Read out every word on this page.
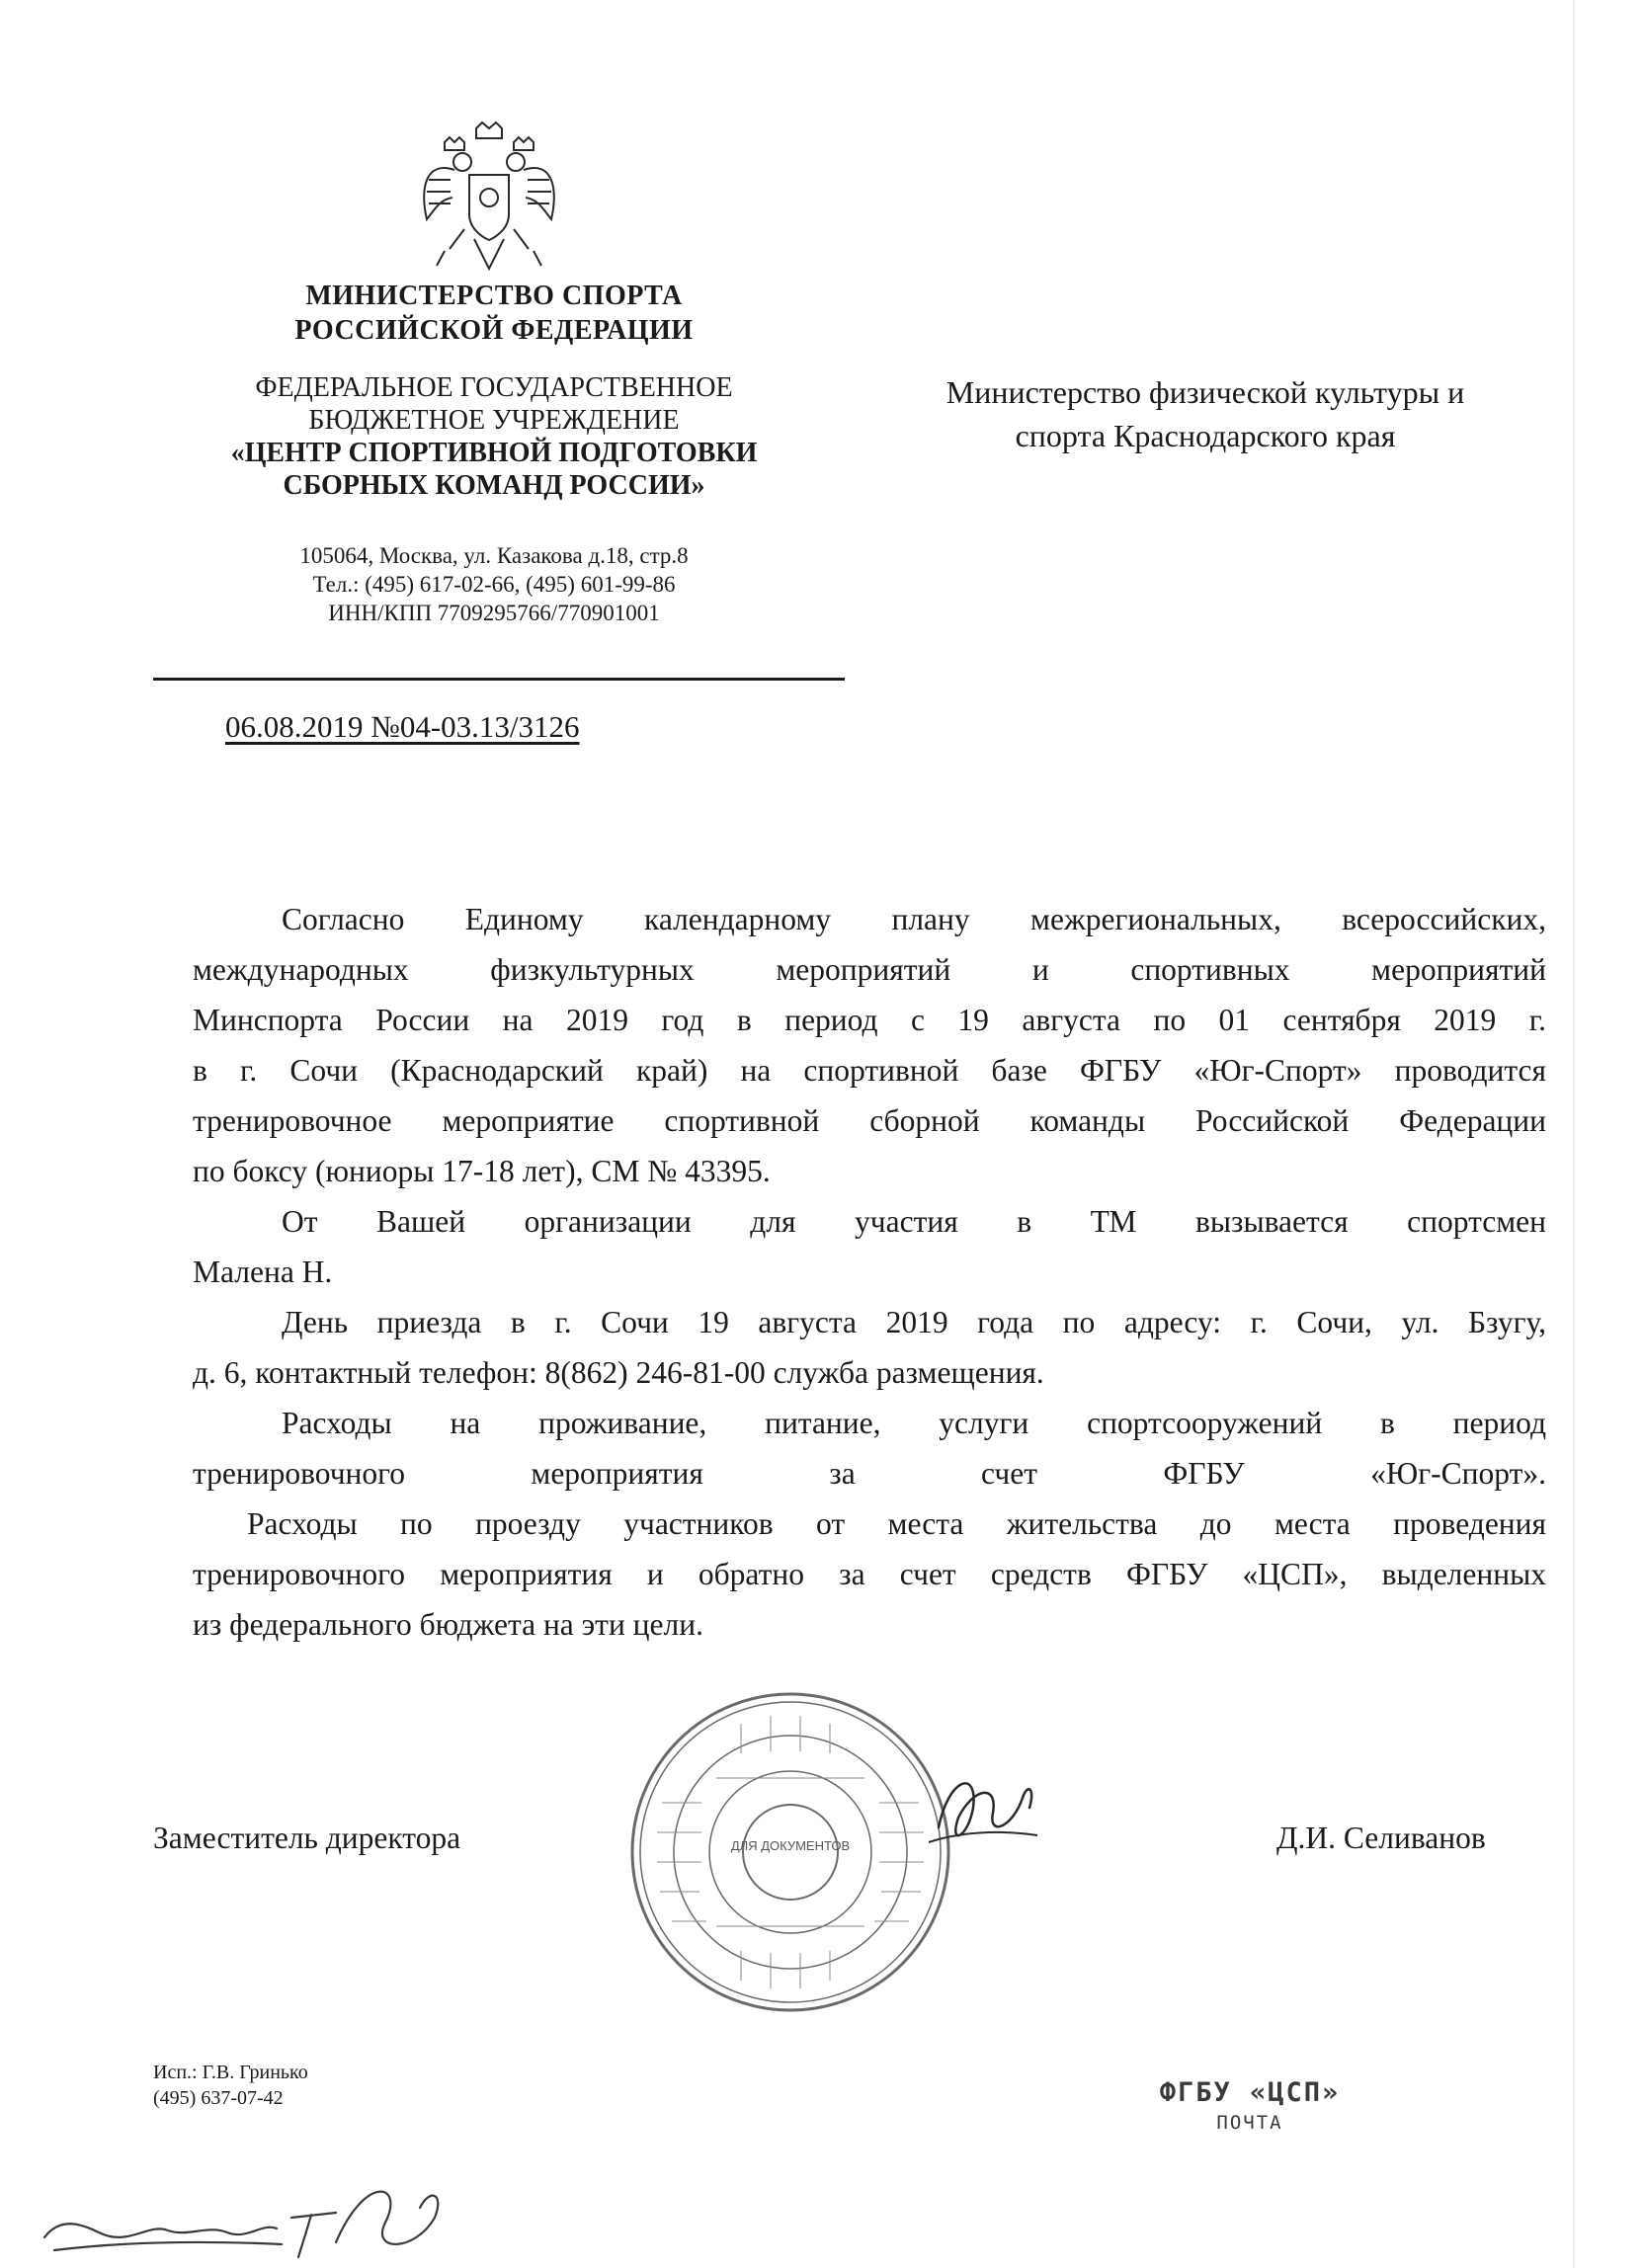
МИНИСТЕРСТВО СПОРТА
РОССИЙСКОЙ ФЕДЕРАЦИИ
ФЕДЕРАЛЬНОЕ ГОСУДАРСТВЕННОЕ
БЮДЖЕТНОЕ УЧРЕЖДЕНИЕ
«ЦЕНТР СПОРТИВНОЙ ПОДГОТОВКИ
СБОРНЫХ КОМАНД РОССИИ»
105064, Москва, ул. Казакова д.18, стр.8
Тел.: (495) 617-02-66, (495) 601-99-86
ИНН/КПП 7709295766/770901001
06.08.2019 №04-03.13/3126
Министерство физической культуры и
спорта Краснодарского края

Согласно Единому календарному плану межрегиональных, всероссийских,

международных физкультурных мероприятий и спортивных мероприятий

Минспорта России на 2019 год в период с 19 августа по 01 сентября 2019 г.

в г. Сочи (Краснодарский край) на спортивной базе ФГБУ «Юг-Спорт» проводится

тренировочное мероприятие спортивной сборной команды Российской Федерации

по боксу (юниоры 17-18 лет), СМ № 43395.

От Вашей организации для участия в ТМ вызывается спортсмен

Малена Н.

День приезда в г. Сочи 19 августа 2019 года по адресу: г. Сочи, ул. Бзугу,

д. 6, контактный телефон: 8(862) 246-81-00 служба размещения.

Расходы на проживание, питание, услуги спортсооружений в период

тренировочного мероприятия за счет ФГБУ «Юг-Спорт».

Расходы по проезду участников от места жительства до места проведения

тренировочного мероприятия и обратно за счет средств ФГБУ «ЦСП», выделенных

из федерального бюджета на эти цели.

ДЛЯ ДОКУМЕНТОВ
Заместитель директора	Д.И. Селиванов
Исп.: Г.В. Гринько
(495) 637-07-42	ФГБУ «ЦСП»
ПОЧТА
